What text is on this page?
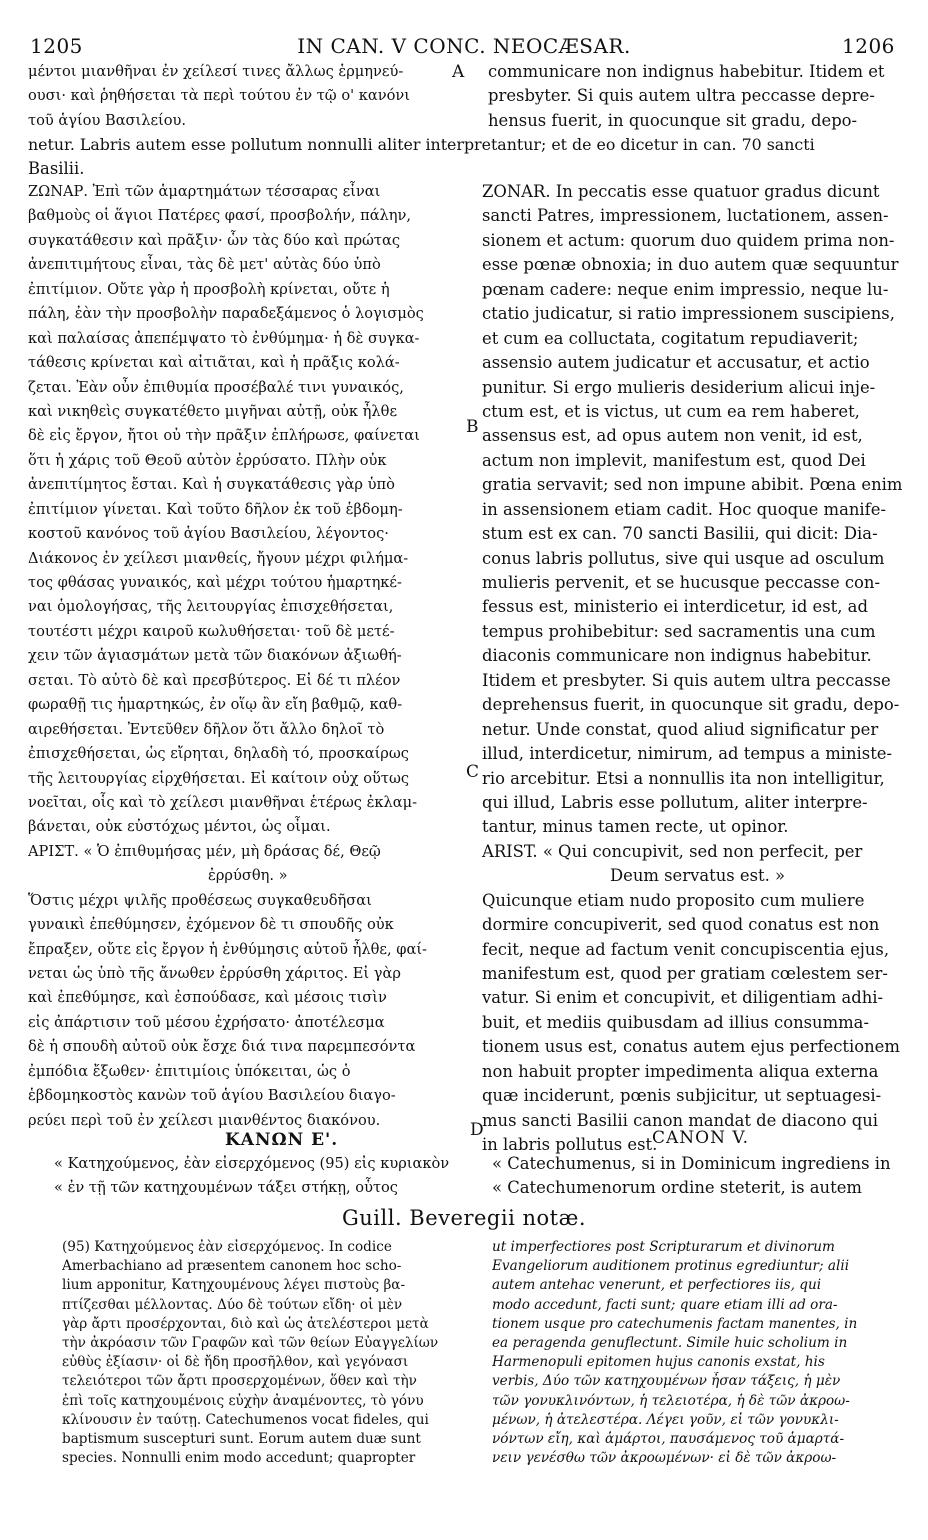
1205	IN CAN. V CONC. NEOCÆSAR.	1206
μέντοι μιανθῆναι ἐν χείλεσί τινες ἄλλως ἑρμηνεύ-
ουσι· καὶ ῥηθήσεται τὰ περὶ τούτου ἐν τῷ ο' κανόνι
τοῦ ἁγίου Βασιλείου.
communicare non indignus habebitur. Itidem et
presbyter. Si quis autem ultra peccasse depre-
hensus fuerit, in quocunque sit gradu, depo-
A
netur. Labris autem esse pollutum nonnulli aliter interpretantur; et de eo dicetur in can. 70 sancti
Basilii.
ΖΩΝΑΡ. Ἐπὶ τῶν ἁμαρτημάτων τέσσαρας εἶναι
βαθμοὺς οἱ ἅγιοι Πατέρες φασί, προσβολήν, πάλην,
συγκατάθεσιν καὶ πρᾶξιν· ὧν τὰς δύο καὶ πρώτας
ἀνεπιτιμήτους εἶναι, τὰς δὲ μετ' αὐτὰς δύο ὑπὸ
ἐπιτίμιον. Οὔτε γὰρ ἡ προσβολὴ κρίνεται, οὔτε ἡ
πάλη, ἐὰν τὴν προσβολὴν παραδεξάμενος ὁ λογισμὸς
καὶ παλαίσας ἀπεπέμψατο τὸ ἐνθύμημα· ἡ δὲ συγκα-
τάθεσις κρίνεται καὶ αἰτιᾶται, καὶ ἡ πρᾶξις κολά-
ζεται. Ἐὰν οὖν ἐπιθυμία προσέβαλέ τινι γυναικός,
καὶ νικηθεὶς συγκατέθετο μιγῆναι αὐτῇ, οὐκ ἦλθε
δὲ εἰς ἔργον, ἤτοι οὐ τὴν πρᾶξιν ἐπλήρωσε, φαίνεται
ὅτι ἡ χάρις τοῦ Θεοῦ αὐτὸν ἐρρύσατο. Πλὴν οὐκ
ἀνεπιτίμητος ἔσται. Καὶ ἡ συγκατάθεσις γὰρ ὑπὸ
ἐπιτίμιον γίνεται. Καὶ τοῦτο δῆλον ἐκ τοῦ ἑβδομη-
κοστοῦ κανόνος τοῦ ἁγίου Βασιλείου, λέγοντος·
Διάκονος ἐν χείλεσι μιανθείς, ἤγουν μέχρι φιλήμα-
τος φθάσας γυναικός, καὶ μέχρι τούτου ἡμαρτηκέ-
ναι ὁμολογήσας, τῆς λειτουργίας ἐπισχεθήσεται,
τουτέστι μέχρι καιροῦ κωλυθήσεται· τοῦ δὲ μετέ-
χειν τῶν ἁγιασμάτων μετὰ τῶν διακόνων ἀξιωθή-
σεται. Τὸ αὐτὸ δὲ καὶ πρεσβύτερος. Εἰ δέ τι πλέον
φωραθῇ τις ἡμαρτηκώς, ἐν οἵῳ ἂν εἴη βαθμῷ, καθ-
αιρεθήσεται. Ἐντεῦθεν δῆλον ὅτι ἄλλο δηλοῖ τὸ
ἐπισχεθήσεται, ὡς εἴρηται, δηλαδὴ τό, προσκαίρως
τῆς λειτουργίας εἱρχθήσεται. Εἰ καίτοιν οὐχ οὕτως
νοεῖται, οἷς καὶ τὸ χείλεσι μιανθῆναι ἑτέρως ἐκλαμ-
βάνεται, οὐκ εὐστόχως μέντοι, ὡς οἶμαι.
ΑΡΙΣΤ. « Ὁ ἐπιθυμήσας μέν, μὴ δράσας δέ, Θεῷ
ἐρρύσθη. »
Ὅστις μέχρι ψιλῆς προθέσεως συγκαθευδῆσαι
γυναικὶ ἐπεθύμησεν, ἐχόμενον δὲ τι σπουδῆς οὐκ
ἔπραξεν, οὔτε εἰς ἔργον ἡ ἐνθύμησις αὐτοῦ ἦλθε, φαί-
νεται ὡς ὑπὸ τῆς ἄνωθεν ἐρρύσθη χάριτος. Εἰ γὰρ
καὶ ἐπεθύμησε, καὶ ἐσπούδασε, καὶ μέσοις τισὶν
εἰς ἀπάρτισιν τοῦ μέσου ἐχρήσατο· ἀποτέλεσμα
δὲ ἡ σπουδὴ αὐτοῦ οὐκ ἔσχε διά τινα παρεμπεσόντα
ἐμπόδια ἔξωθεν· ἐπιτιμίοις ὑπόκειται, ὡς ὁ
ἑβδομηκοστὸς κανὼν τοῦ ἁγίου Βασιλείου διαγο-
ρεύει περὶ τοῦ ἐν χείλεσι μιανθέντος διακόνου.
ZONAR. In peccatis esse quatuor gradus dicunt
sancti Patres, impressionem, luctationem, assen-
sionem et actum: quorum duo quidem prima non-
esse pœnæ obnoxia; in duo autem quæ sequuntur
pœnam cadere: neque enim impressio, neque lu-
ctatio judicatur, si ratio impressionem suscipiens,
et cum ea colluctata, cogitatum repudiaverit;
assensio autem judicatur et accusatur, et actio
punitur. Si ergo mulieris desiderium alicui inje-
ctum est, et is victus, ut cum ea rem haberet,
assensus est, ad opus autem non venit, id est,
actum non implevit, manifestum est, quod Dei
gratia servavit; sed non impune abibit. Pœna enim
in assensionem etiam cadit. Hoc quoque manife-
stum est ex can. 70 sancti Basilii, qui dicit: Dia-
conus labris pollutus, sive qui usque ad osculum
mulieris pervenit, et se hucusque peccasse con-
fessus est, ministerio ei interdicetur, id est, ad
tempus prohibebitur: sed sacramentis una cum
diaconis communicare non indignus habebitur.
Itidem et presbyter. Si quis autem ultra peccasse
deprehensus fuerit, in quocunque sit gradu, depo-
netur. Unde constat, quod aliud significatur per
illud, interdicetur, nimirum, ad tempus a ministe-
rio arcebitur. Etsi a nonnullis ita non intelligitur,
qui illud, Labris esse pollutum, aliter interpre-
tantur, minus tamen recte, ut opinor.
ARIST. « Qui concupivit, sed non perfecit, per
Deum servatus est. »
Quicunque etiam nudo proposito cum muliere
dormire concupiverit, sed quod conatus est non
fecit, neque ad factum venit concupiscentia ejus,
manifestum est, quod per gratiam cœlestem ser-
vatur. Si enim et concupivit, et diligentiam adhi-
buit, et mediis quibusdam ad illius consumma-
tionem usus est, conatus autem ejus perfectionem
non habuit propter impedimenta aliqua externa
quæ inciderunt, pœnis subjicitur, ut septuagesi-
mus sancti Basilii canon mandat de diacono qui
in labris pollutus est.
B
C
D
ΚΑΝΩΝ Ε'.	CANON V.
« Κατηχούμενος, ἐὰν εἰσερχόμενος (95) εἰς κυριακὸν
« ἐν τῇ τῶν κατηχουμένων τάξει στήκῃ, οὗτος
« Catechumenus, si in Dominicum ingrediens in
« Catechumenorum ordine steterit, is autem
Guill. Beveregii notæ.
(95) Κατηχούμενος ἐὰν εἰσερχόμενος. In codice
Amerbachiano ad præsentem canonem hoc scho-
lium apponitur, Κατηχουμένους λέγει πιστοὺς βα-
πτίζεσθαι μέλλοντας. Δύο δὲ τούτων εἴδη· οἱ μὲν
γὰρ ἄρτι προσέρχονται, διὸ καὶ ὡς ἀτελέστεροι μετὰ
τὴν ἀκρόασιν τῶν Γραφῶν καὶ τῶν θείων Εὐαγγελίων
εὐθὺς ἐξίασιν· οἱ δὲ ἤδη προσῆλθον, καὶ γεγόνασι
τελειότεροι τῶν ἄρτι προσερχομένων, ὅθεν καὶ τὴν
ἐπὶ τοῖς κατηχουμένοις εὐχὴν ἀναμένοντες, τὸ γόνυ
κλίνουσιν ἐν ταύτῃ. Catechumenos vocat fideles, qui
baptismum suscepturi sunt. Eorum autem duæ sunt
species. Nonnulli enim modo accedunt; quapropter
ut imperfectiores post Scripturarum et divinorum
Evangeliorum auditionem protinus egrediuntur; alii
autem antehac venerunt, et perfectiores iis, qui
modo accedunt, facti sunt; quare etiam illi ad ora-
tionem usque pro catechumenis factam manentes, in
ea peragenda genuflectunt. Simile huic scholium in
Harmenopuli epitomen hujus canonis exstat, his
verbis, Δύο τῶν κατηχουμένων ἦσαν τάξεις, ἡ μὲν
τῶν γονυκλινόντων, ἡ τελειοτέρα, ἡ δὲ τῶν ἀκροω-
μένων, ἡ ἀτελεστέρα. Λέγει γοῦν, εἰ τῶν γονυκλι-
νόντων εἴη, καὶ ἁμάρτοι, παυσάμενος τοῦ ἁμαρτά-
νειν γενέσθω τῶν ἀκροωμένων· εἰ δὲ τῶν ἀκροω-
